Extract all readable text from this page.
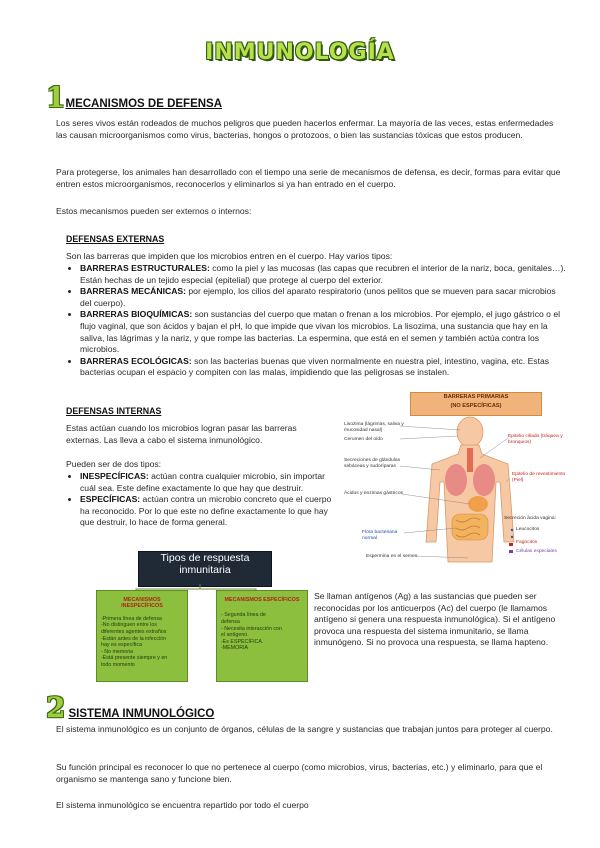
INMUNOLOGÍA
1MECANISMOS DE DEFENSA

Los seres vivos están rodeados de muchos peligros que pueden hacerlos enfermar. La mayoría de las veces, estas enfermedades las causan microorganismos como virus, bacterias, hongos o protozoos, o bien las sustancias tóxicas que estos producen.

Para protegerse, los animales han desarrollado con el tiempo una serie de mecanismos de defensa, es decir, formas para evitar que entren estos microorganismos, reconocerlos y eliminarlos si ya han entrado en el cuerpo.

Estos mecanismos pueden ser externos o internos:

DEFENSAS EXTERNAS

Son las barreras que impiden que los microbios entren en el cuerpo. Hay varios tipos:

• BARRERAS ESTRUCTURALES: como la piel y las mucosas (las capas que recubren el interior de la nariz, boca, genitales…). Están hechas de un tejido especial (epitelial) que protege al cuerpo del exterior.
• BARRERAS MECÁNICAS: por ejemplo, los cilios del aparato respiratorio (unos pelitos que se mueven para sacar microbios del cuerpo).
• BARRERAS BIOQUÍMICAS: son sustancias del cuerpo que matan o frenan a los microbios. Por ejemplo, el jugo gástrico o el flujo vaginal, que son ácidos y bajan el pH, lo que impide que vivan los microbios. La lisozima, una sustancia que hay en la saliva, las lágrimas y la nariz, y que rompe las bacterias. La espermina, que está en el semen y también actúa contra los microbios.
• BARRERAS ECOLÓGICAS: son las bacterias buenas que viven normalmente en nuestra piel, intestino, vagina, etc. Estas bacterias ocupan el espacio y compiten con las malas, impidiendo que las peligrosas se instalen.
DEFENSAS INTERNAS

Estas actúan cuando los microbios logran pasar las barreras externas. Las lleva a cabo el sistema inmunológico.

Pueden ser de dos tipos:

• INESPECÍFICAS: actúan contra cualquier microbio, sin importar cuál sea. Este define exactamente lo que hay que destruir.
• ESPECÍFICAS: actúan contra un microbio concreto que el cuerpo ha reconocido. Por lo que este no define exactamente lo que hay que destruir, lo hace de forma general.
BARRERAS PRIMARIAS
(NO ESPECÍFICAS)
Lisozima (lágrimas, saliva y mucosidad nasal)
Cerumen del oído
Secreciones de glándulas sebáceas y sudoríparas
Ácidos y enzimas gástricos
Flora bacteriana normal
Espermina en el semen
Epitelio ciliado (tráquea y bronquios)
Epitelio de revestimiento (Piel)
Secreción ácida vagina:
Leucocitos
Fagocitos
Células especiales
Tipos de respuesta
inmunitaria
MECANISMOS
INESPECÍFICOS
-Primera línea de defensa
-No distinguen entre los
diferentes agentes extraños
-Están antes de la infección
hay es específica
- No memoria
-Está presente siempre y en
todo momento
MECANISMOS ESPECÍFICOS
- Segunda línea de
defensa
- Necesita interacción con
el antígeno.
-Es ESPECÍFICA.
-MEMORIA

Se llaman antígenos (Ag) a las sustancias que pueden ser reconocidas por los anticuerpos (Ac) del cuerpo (le llamamos antígeno si genera una respuesta inmunológica). Si el antígeno provoca una respuesta del sistema inmunitario, se llama inmunógeno. Si no provoca una respuesta, se llama hapteno.

2 SISTEMA INMUNOLÓGICO

El sistema inmunológico es un conjunto de órganos, células de la sangre y sustancias que trabajan juntos para proteger al cuerpo.

Su función principal es reconocer lo que no pertenece al cuerpo (como microbios, virus, bacterias, etc.) y eliminarlo, para que el organismo se mantenga sano y funcione bien.

El sistema inmunológico se encuentra repartido por todo el cuerpo
